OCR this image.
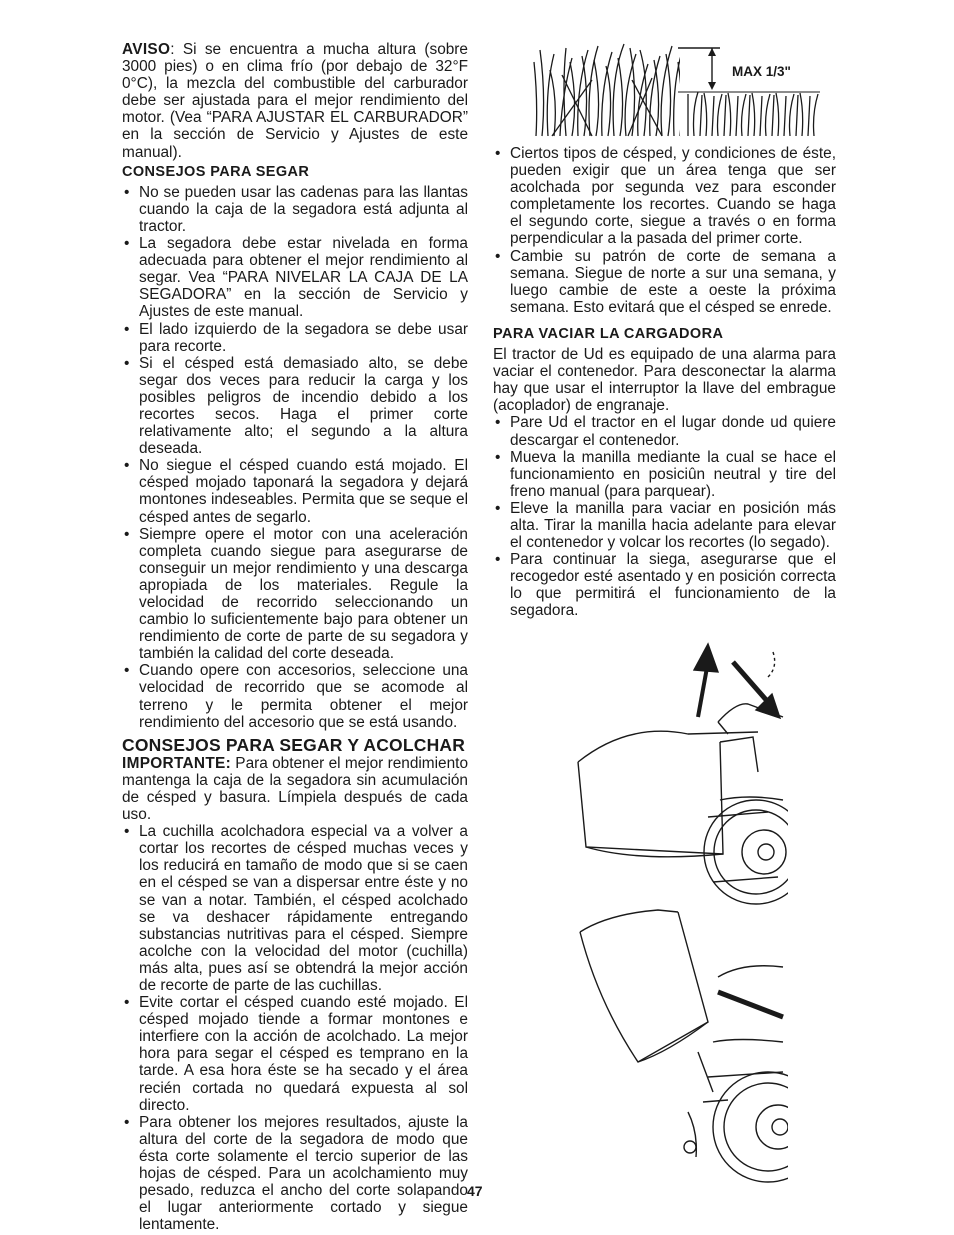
AVISO: Si se encuentra a mucha altura (sobre 3000 pies) o en clima frío (por debajo de 32°F 0°C), la mezcla del combustible del carburador debe ser ajustada para el mejor rendimiento del motor. (Vea “PARA AJUSTAR EL CARBURADOR” en la sección de Servicio y Ajustes de este manual).

CONSEJOS PARA SEGAR
• No se pueden usar las cadenas para las llantas cuando la caja de la segadora está adjunta al tractor.
• La segadora debe estar nivelada en forma adecuada para obtener el mejor rendimiento al segar. Vea “PARA NIVELAR LA CAJA DE LA SEGADORA” en la sección de Servicio y Ajustes de este manual.
• El lado izquierdo de la segadora se debe usar para recorte.
• Si el césped está demasiado alto, se debe segar dos veces para reducir la carga y los posibles peligros de incendio debido a los recortes secos. Haga el primer corte relativamente alto; el segundo a la altura deseada.
• No siegue el césped cuando está mojado. El césped mojado taponará la segadora y dejará montones indeseables. Permita que se seque el césped antes de segarlo.
• Siempre opere el motor con una aceleración completa cuando siegue para asegurarse de conseguir un mejor rendimiento y una descarga apropiada de los materiales. Regule la velocidad de recorrido seleccionando un cambio lo suficientemente bajo para obtener un rendimiento de corte de parte de su segadora y también la calidad del corte deseada.
• Cuando opere con accesorios, seleccione una velocidad de recorrido que se acomode al terreno y le permita obtener el mejor rendimiento del accesorio que se está usando.
CONSEJOS PARA SEGAR Y ACOLCHAR

IMPORTANTE: Para obtener el mejor rendimiento mantenga la caja de la segadora sin acumulación de césped y basura. Límpiela después de cada uso.

• La cuchilla acolchadora especial va a volver a cortar los recortes de césped muchas veces y los reducirá en tamaño de modo que si se caen en el césped se van a dispersar entre éste y no se van a notar. También, el césped acolchado se va deshacer rápidamente entregando substancias nutritivas para el césped. Siempre acolche con la velocidad del motor (cuchilla) más alta, pues así se obtendrá la mejor acción de recorte de parte de las cuchillas.
• Evite cortar el césped cuando esté mojado. El césped mojado tiende a formar montones e interfiere con la acción de acolchado. La mejor hora para segar el césped es temprano en la tarde. A esa hora éste se ha secado y el área recién cortada no quedará expuesta al sol directo.
• Para obtener los mejores resultados, ajuste la altura del corte de la segadora de modo que ésta corte solamente el tercio superior de las hojas de césped. Para un acolchamiento muy pesado, reduzca el ancho del corte solapando el lugar anteriormente cortado y siegue lentamente.
MAX 1/3"
• Ciertos tipos de césped, y condiciones de éste, pueden exigir que un área tenga que ser acolchada por segunda vez para esconder completamente los recortes. Cuando se haga el segundo corte, siegue a través o en forma perpendicular a la pasada del primer corte.
• Cambie su patrón de corte de semana a semana. Siegue de norte a sur una semana, y luego cambie de este a oeste la próxima semana. Esto evitará que el césped se enrede.
PARA VACIAR LA CARGADORA

El tractor de Ud es equipado de una alarma para vaciar el contenedor. Para desconectar la alarma hay que usar el interruptor la llave del embrague (acoplador) de engranaje.

• Pare Ud el tractor en el lugar donde ud quiere descargar el contenedor.
• Mueva la manilla mediante la cual se hace el funcionamiento en posiciûn neutral y tire del freno manual (para parquear).
• Eleve la manilla para vaciar en posición más alta. Tirar la manilla hacia adelante para elevar el contenedor y volcar los recortes (lo segado).
• Para continuar la siega, asegurarse que el recogedor esté asentado y en posición correcta lo que permitirá el funcionamiento de la segadora.
47
